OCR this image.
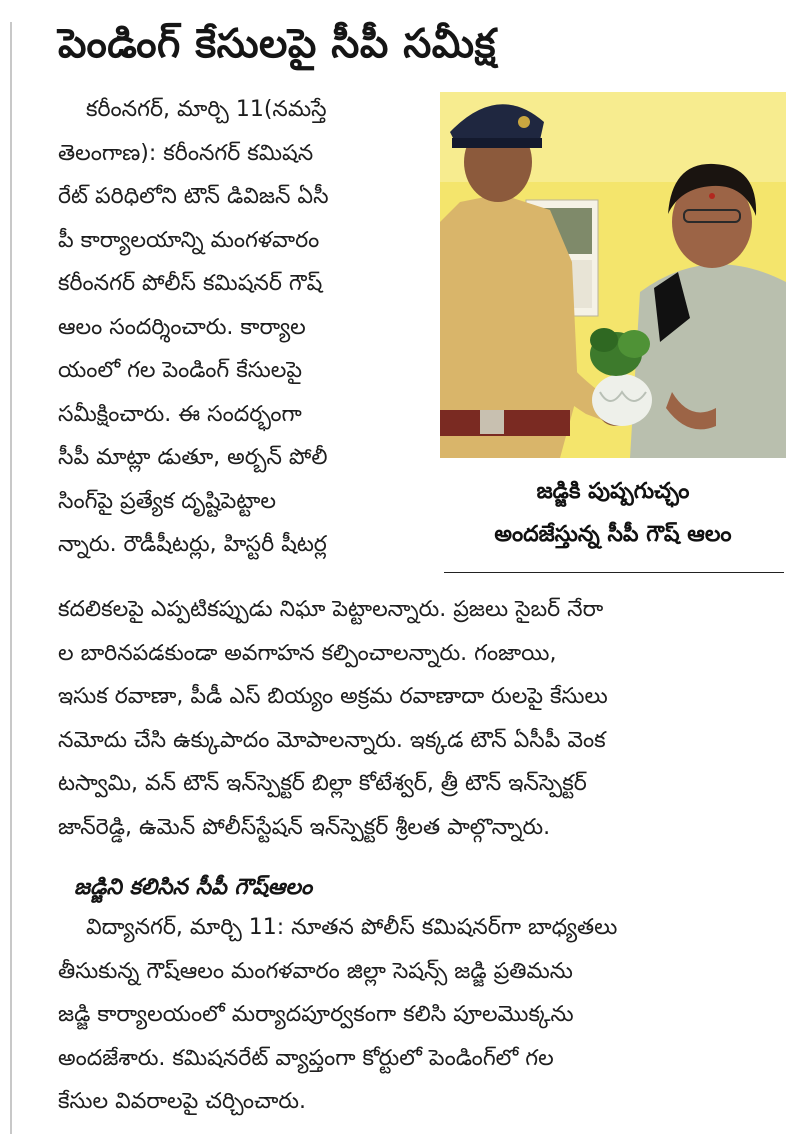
పెండింగ్ కేసులపై సీపీ సమీక్ష

కరీంనగర్, మార్చి 11(నమస్తే
తెలంగాణ): కరీంనగర్ కమిషన
రేట్ పరిధిలోని టౌన్ డివిజన్ ఏసీ
పీ కార్యాలయాన్ని మంగళవారం
కరీంనగర్ పోలీస్ కమిషనర్ గౌష్
ఆలం సందర్శించారు. కార్యాల
యంలో గల పెండింగ్ కేసులపై
సమీక్షించారు. ఈ సందర్భంగా
సీపీ మాట్లా డుతూ, అర్బన్ పోలీ
సింగ్‌పై ప్రత్యేక దృష్టిపెట్టాల
న్నారు. రౌడీషీటర్లు, హిస్టరీ షీటర్ల

జడ్జికి పుష్పగుచ్ఛం
అందజేస్తున్న సీపీ గౌష్ ఆలం

కదలికలపై ఎప్పటికప్పుడు నిఘా పెట్టాలన్నారు. ప్రజలు సైబర్ నేరా
ల బారినపడకుండా అవగాహన కల్పించాలన్నారు. గంజాయి,
ఇసుక రవాణా, పీడీ ఎస్ బియ్యం అక్రమ రవాణాదా రులపై కేసులు
నమోదు చేసి ఉక్కుపాదం మోపాలన్నారు. ఇక్కడ టౌన్ ఏసీపీ వెంక
టస్వామి, వన్ టౌన్ ఇన్‌స్పెక్టర్ బిల్లా కోటేశ్వర్, త్రీ టౌన్ ఇన్‌స్పెక్టర్
జాన్‌రెడ్డి, ఉమెన్ పోలీస్‌స్టేషన్ ఇన్‌స్పెక్టర్ శ్రీలత పాల్గొన్నారు.

జడ్జిని కలిసిన సీపీ గౌష్‌ఆలం

విద్యానగర్, మార్చి 11: నూతన పోలీస్ కమిషనర్‌గా బాధ్యతలు
తీసుకున్న గౌష్‌ఆలం మంగళవారం జిల్లా సెషన్స్ జడ్జి ప్రతిమను
జడ్జి కార్యాలయంలో మర్యాదపూర్వకంగా కలిసి పూలమొక్కను
అందజేశారు. కమిషనరేట్ వ్యాప్తంగా కోర్టులో పెండింగ్‌లో గల
కేసుల వివరాలపై చర్చించారు.
